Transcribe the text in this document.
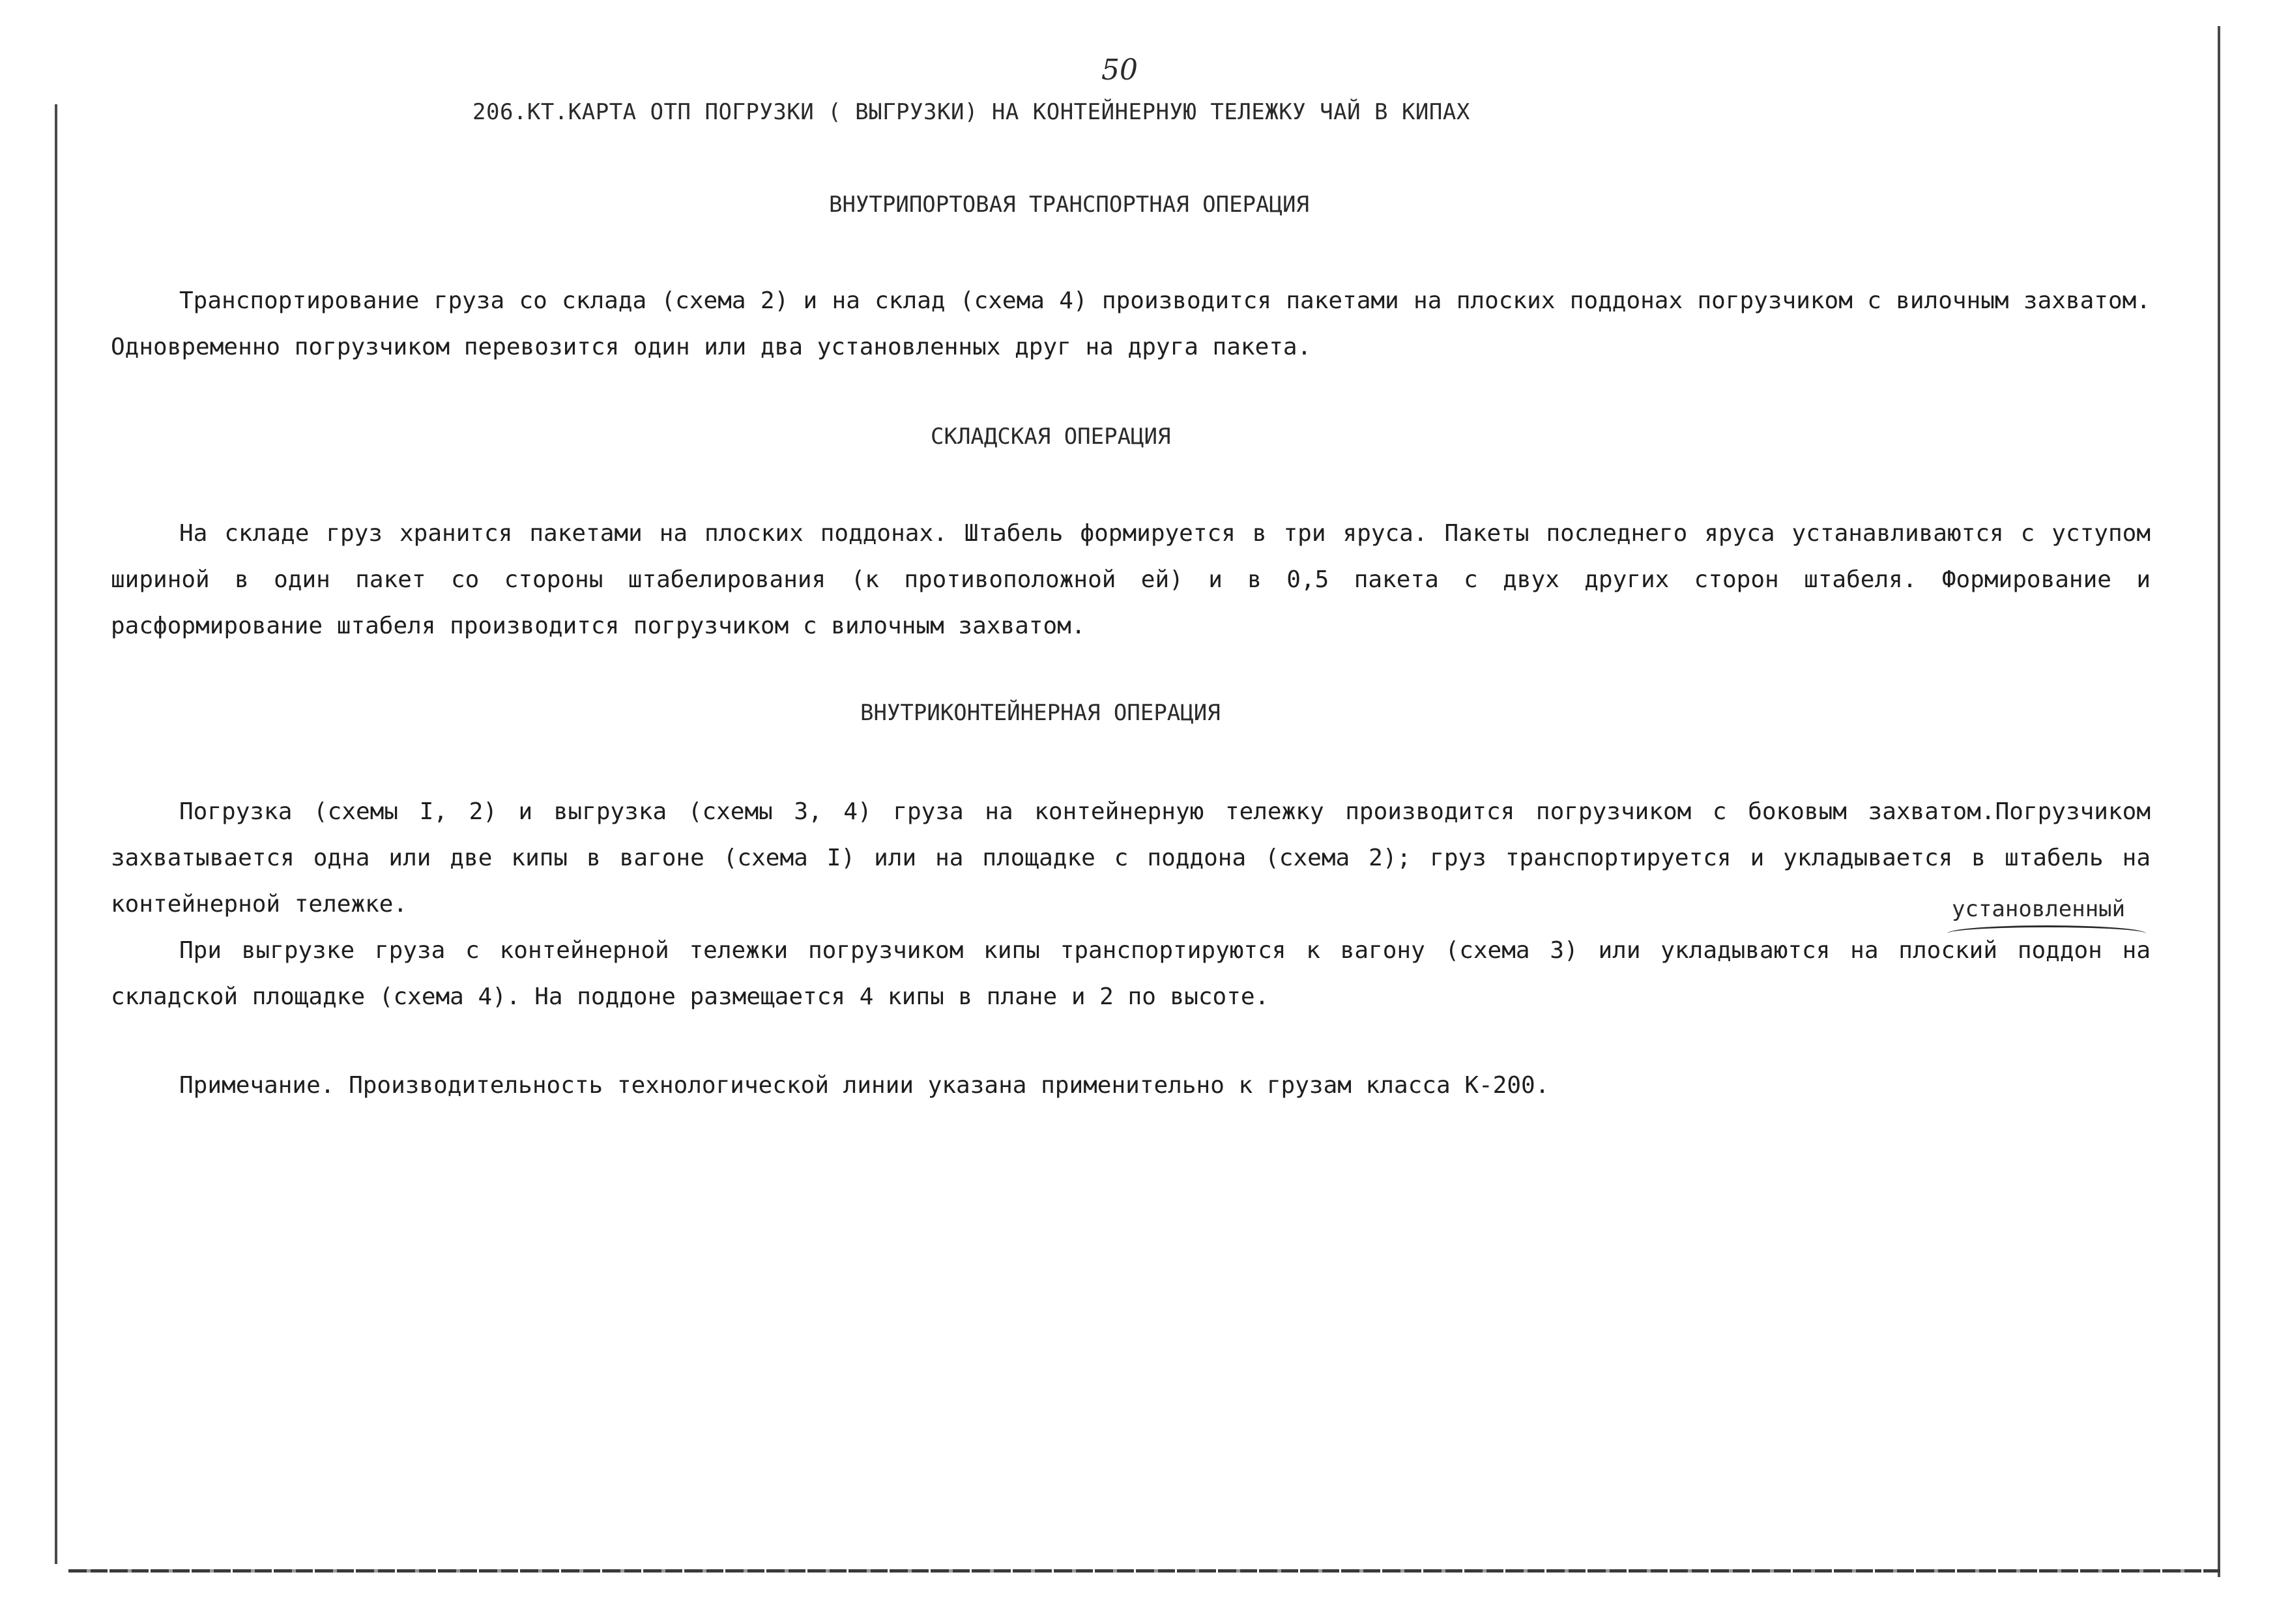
50
206.КТ.КАРТА ОТП ПОГРУЗКИ ( ВЫГРУЗКИ) НА КОНТЕЙНЕРНУЮ ТЕЛЕЖКУ ЧАЙ В КИПАХ
ВНУТРИПОРТОВАЯ ТРАНСПОРТНАЯ ОПЕРАЦИЯ

Транспортирование груза со склада (схема 2) и на склад (схема 4) производится пакетами на плоских поддонах погрузчиком с вилочным захватом. Одновременно погрузчиком перевозится один или два установленных друг на друга пакета.

СКЛАДСКАЯ ОПЕРАЦИЯ

На складе груз хранится пакетами на плоских поддонах. Штабель формируется в три яруса. Пакеты последнего яруса устанавливаются с уступом шириной в один пакет со стороны штабелирования (к противоположной ей) и в 0,5 пакета с двух других сторон штабеля. Формирование и расформирование штабеля производится погрузчиком с вилочным захватом.

ВНУТРИКОНТЕЙНЕРНАЯ ОПЕРАЦИЯ

Погрузка (схемы I, 2) и выгрузка (схемы 3, 4) груза на контейнерную тележку производится погрузчиком с боковым захватом.Погрузчиком захватывается одна или две кипы в вагоне (схема I) или на площадке с поддона (схема 2); груз транспортируется и укладывается в штабель на контейнерной тележке.

При выгрузке груза с контейнерной тележки погрузчиком кипы транспортируются к вагону (схема 3) или укладываются на плоский поддон на складской площадке (схема 4). На поддоне размещается 4 кипы в плане и 2 по высоте.

установленный

Примечание. Производительность технологической линии указана применительно к грузам класса К-200.
